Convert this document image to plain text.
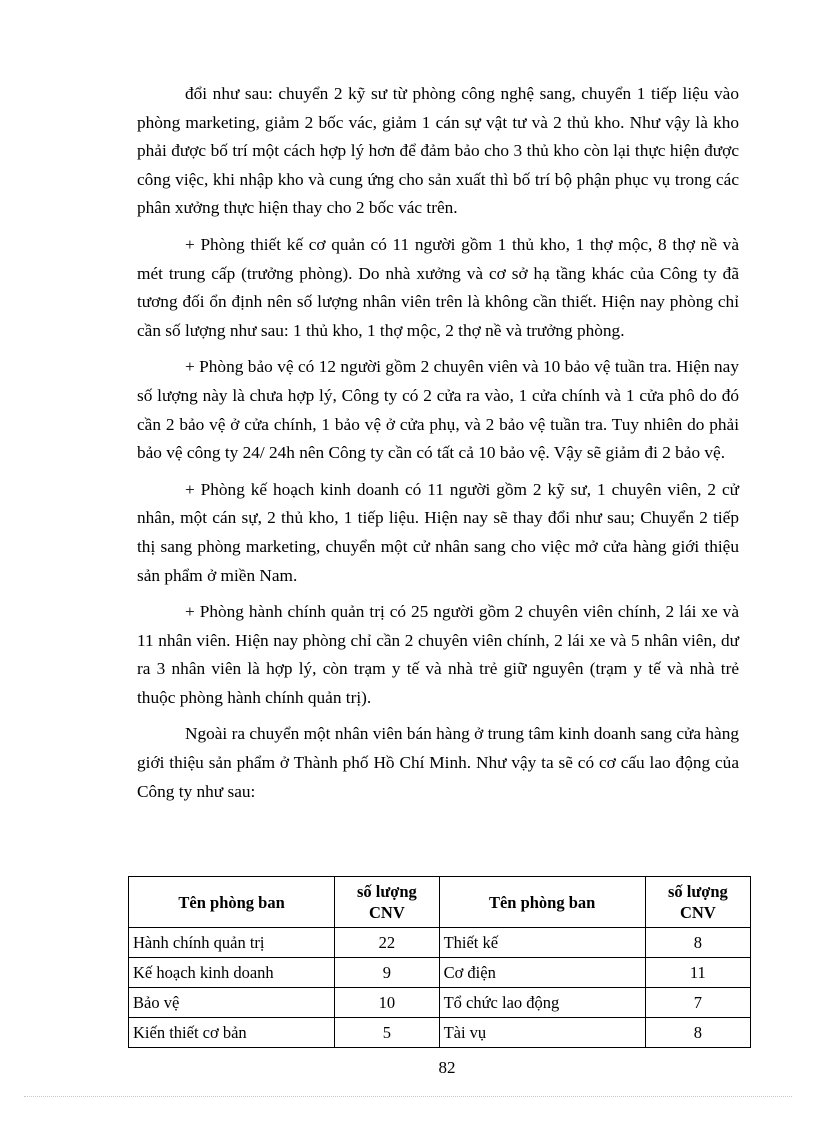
đổi như sau: chuyển 2 kỹ sư từ phòng công nghệ sang, chuyển 1 tiếp liệu vào phòng marketing, giảm 2 bốc vác, giảm 1 cán sự vật tư và 2 thủ kho. Như vậy là kho phải được bố trí một cách hợp lý hơn để đảm bảo cho 3 thủ kho còn lại thực hiện được công việc, khi nhập kho và cung ứng cho sản xuất thì bố trí bộ phận phục vụ trong các phân xưởng thực hiện thay cho 2 bốc vác trên.

+ Phòng thiết kế cơ quản có 11 người gồm 1 thủ kho, 1 thợ mộc, 8 thợ nề và mét trung cấp (trưởng phòng). Do nhà xưởng và cơ sở hạ tầng khác của Công ty đã tương đối ổn định nên số lượng nhân viên trên là không cần thiết. Hiện nay phòng chỉ cần số lượng như sau: 1 thủ kho, 1 thợ mộc, 2 thợ nề và trưởng phòng.

+ Phòng bảo vệ có 12 người gồm 2 chuyên viên và 10 bảo vệ tuần tra. Hiện nay số lượng này là chưa hợp lý, Công ty có 2 cửa ra vào, 1 cửa chính và 1 cửa phô do đó cần 2 bảo vệ ở cửa chính, 1 bảo vệ ở cửa phụ, và 2 bảo vệ tuần tra. Tuy nhiên do phải bảo vệ công ty 24/ 24h nên Công ty cần có tất cả 10 bảo vệ. Vậy sẽ giảm đi 2 bảo vệ.

+ Phòng kế hoạch kinh doanh có 11 người gồm 2 kỹ sư, 1 chuyên viên, 2 cử nhân, một cán sự, 2 thủ kho, 1 tiếp liệu. Hiện nay sẽ thay đổi như sau; Chuyển 2 tiếp thị sang phòng marketing, chuyển một cử nhân sang cho việc mở cửa hàng giới thiệu sản phẩm ở miền Nam.

+ Phòng hành chính quản trị có 25 người gồm 2 chuyên viên chính, 2 lái xe và 11 nhân viên. Hiện nay phòng chỉ cần 2 chuyên viên chính, 2 lái xe và 5 nhân viên, dư ra 3 nhân viên là hợp lý, còn trạm y tế và nhà trẻ giữ nguyên (trạm y tế và nhà trẻ thuộc phòng hành chính quản trị).

Ngoài ra chuyển một nhân viên bán hàng ở trung tâm kinh doanh sang cửa hàng giới thiệu sản phẩm ở Thành phố Hồ Chí Minh. Như vậy ta sẽ có cơ cấu lao động của Công ty như sau:

Tên phòng ban	số lượng CNV	Tên phòng ban	số lượng CNV
Hành chính quản trị	22	Thiết kế	8
Kế hoạch kinh doanh	9	Cơ điện	11
Bảo vệ	10	Tổ chức lao động	7
Kiến thiết cơ bản	5	Tài vụ	8
82
